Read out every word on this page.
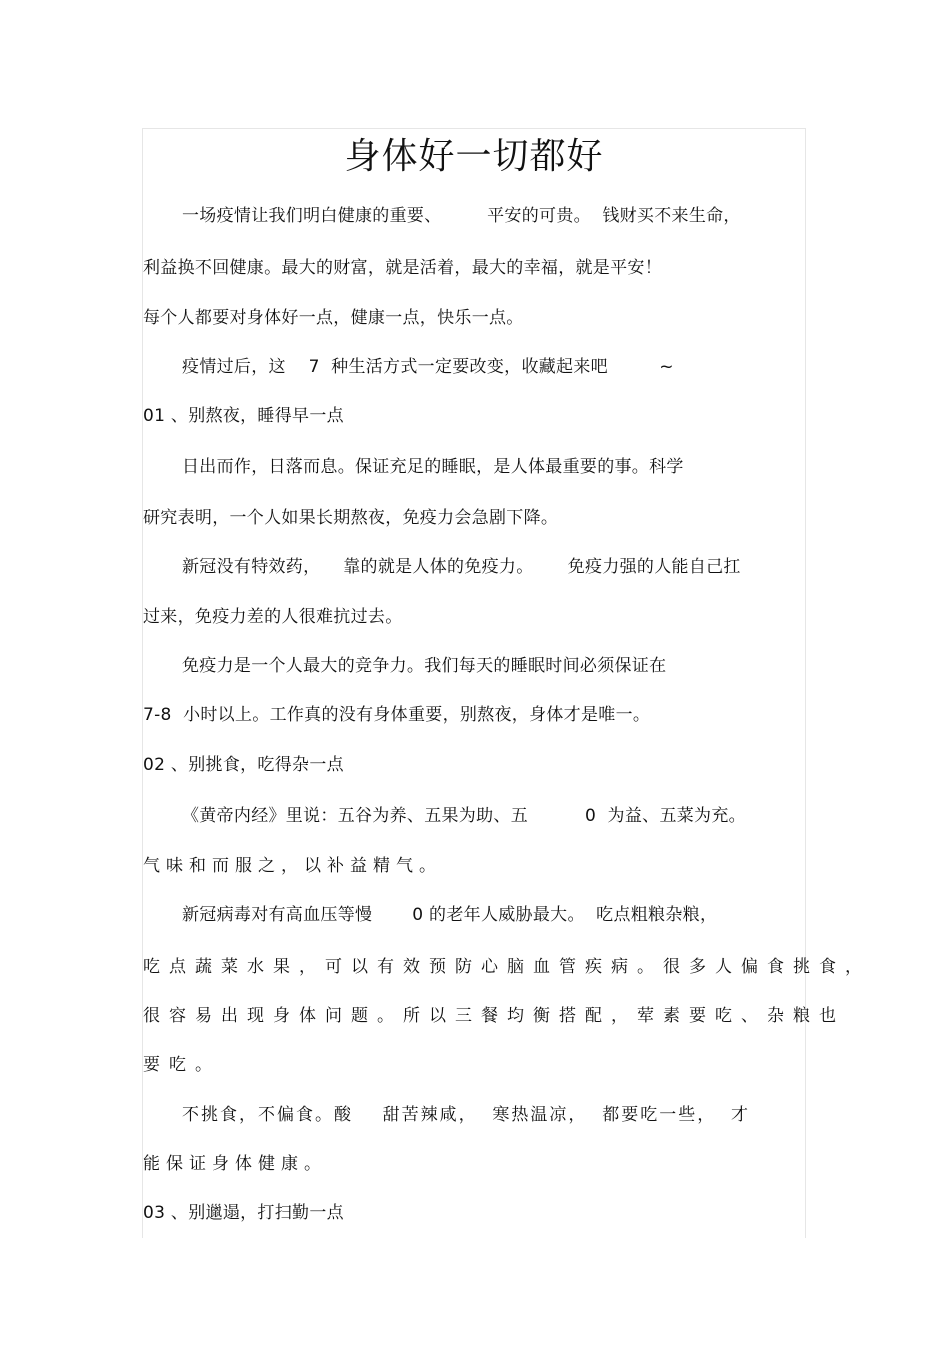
身体好一切都好
一场疫情让我们明白健康的重要、        平安的可贵。  钱财买不来生命，
利益换不回健康。最大的财富，就是活着，最大的幸福，就是平安！
每个人都要对身体好一点，健康一点，快乐一点。
疫情过后，这    7  种生活方式一定要改变，收藏起来吧         ~
01 、别熬夜，睡得早一点
日出而作，日落而息。保证充足的睡眠，是人体最重要的事。科学
研究表明，一个人如果长期熬夜，免疫力会急剧下降。
新冠没有特效药，    靠的就是人体的免疫力。      免疫力强的人能自己扛
过来，免疫力差的人很难抗过去。
免疫力是一个人最大的竞争力。我们每天的睡眠时间必须保证在
7-8  小时以上。工作真的没有身体重要，别熬夜，身体才是唯一。
02 、别挑食，吃得杂一点
《黄帝内经》里说：五谷为养、五果为助、五          0  为益、五菜为充。
气味和而服之，以补益精气。
新冠病毒对有高血压等慢       0 的老年人威胁最大。  吃点粗粮杂粮，
吃点蔬菜水果，可以有效预防心脑血管疾病。很多人偏食挑食，
很容易出现身体问题。所以三餐均衡搭配，荤素要吃、杂粮也
要吃。
不挑食，不偏食。酸    甜苦辣咸，  寒热温凉，  都要吃一些，  才
能保证身体健康。
03 、别邋遢，打扫勤一点
